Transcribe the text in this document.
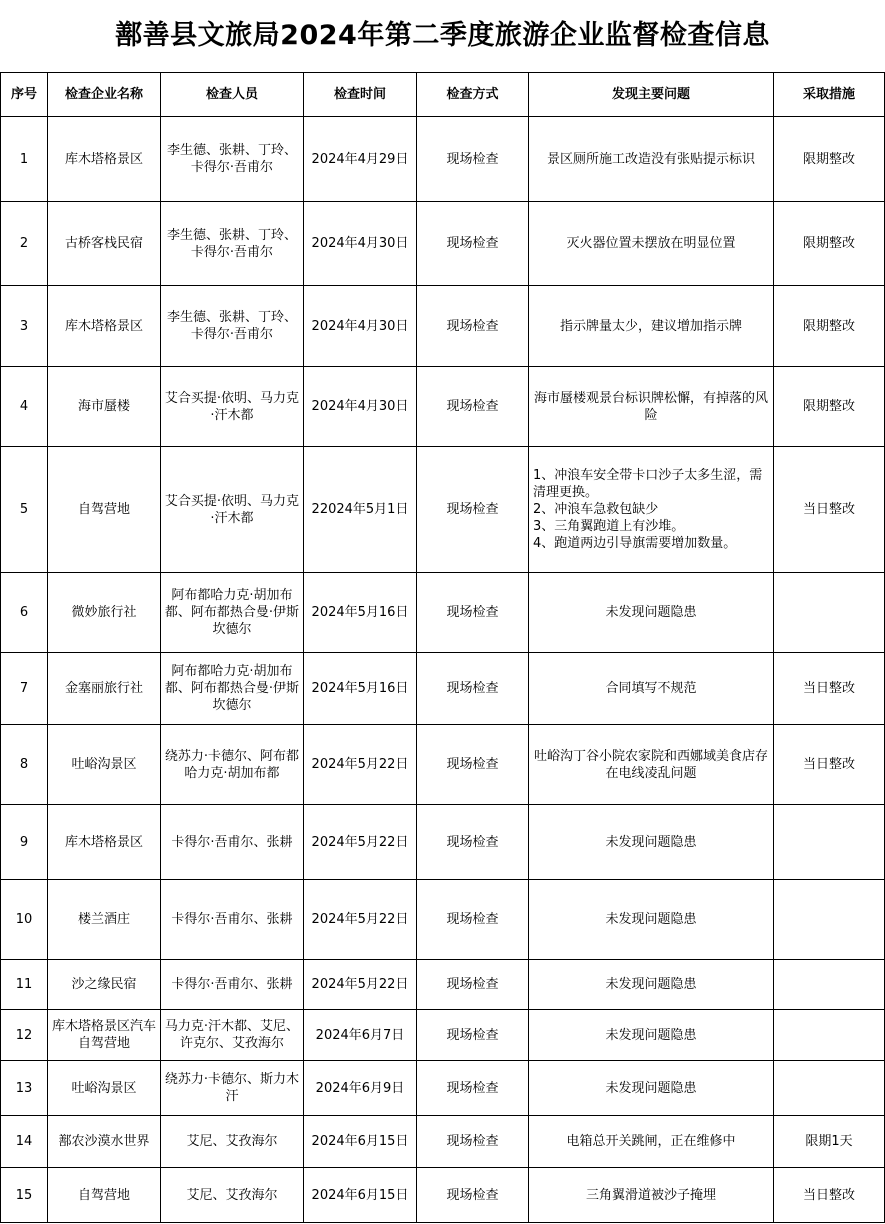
鄯善县文旅局2024年第二季度旅游企业监督检查信息
序号	检查企业名称	检查人员	检查时间	检查方式	发现主要问题	采取措施
1	库木塔格景区	李生德、张耕、丁玲、卡得尔·吾甫尔	2024年4月29日	现场检查	景区厕所施工改造没有张贴提示标识	限期整改
2	古桥客栈民宿	李生德、张耕、丁玲、卡得尔·吾甫尔	2024年4月30日	现场检查	灭火器位置未摆放在明显位置	限期整改
3	库木塔格景区	李生德、张耕、丁玲、卡得尔·吾甫尔	2024年4月30日	现场检查	指示牌量太少，建议增加指示牌	限期整改
4	海市蜃楼	艾合买提·依明、马力克·汗木都	2024年4月30日	现场检查	海市蜃楼观景台标识牌松懈，有掉落的风险	限期整改
5	自驾营地	艾合买提·依明、马力克·汗木都	22024年5月1日	现场检查	1、冲浪车安全带卡口沙子太多生涩，需清理更换。
2、冲浪车急救包缺少
3、三角翼跑道上有沙堆。
4、跑道两边引导旗需要增加数量。	当日整改
6	微妙旅行社	阿布都哈力克·胡加布都、阿布都热合曼·伊斯坎德尔	2024年5月16日	现场检查	未发现问题隐患	
7	金塞丽旅行社	阿布都哈力克·胡加布都、阿布都热合曼·伊斯坎德尔	2024年5月16日	现场检查	合同填写不规范	当日整改
8	吐峪沟景区	绕苏力·卡德尔、阿布都哈力克·胡加布都	2024年5月22日	现场检查	吐峪沟丁谷小院农家院和西娜域美食店存在电线凌乱问题	当日整改
9	库木塔格景区	卡得尔·吾甫尔、张耕	2024年5月22日	现场检查	未发现问题隐患	
10	楼兰酒庄	卡得尔·吾甫尔、张耕	2024年5月22日	现场检查	未发现问题隐患	
11	沙之缘民宿	卡得尔·吾甫尔、张耕	2024年5月22日	现场检查	未发现问题隐患	
12	库木塔格景区汽车自驾营地	马力克·汗木都、艾尼、许克尔、艾孜海尔	2024年6月7日	现场检查	未发现问题隐患	
13	吐峪沟景区	绕苏力·卡德尔、斯力木汗	2024年6月9日	现场检查	未发现问题隐患	
14	鄯农沙漠水世界	艾尼、艾孜海尔	2024年6月15日	现场检查	电箱总开关跳闸，正在维修中	限期1天
15	自驾营地	艾尼、艾孜海尔	2024年6月15日	现场检查	三角翼滑道被沙子掩埋	当日整改
